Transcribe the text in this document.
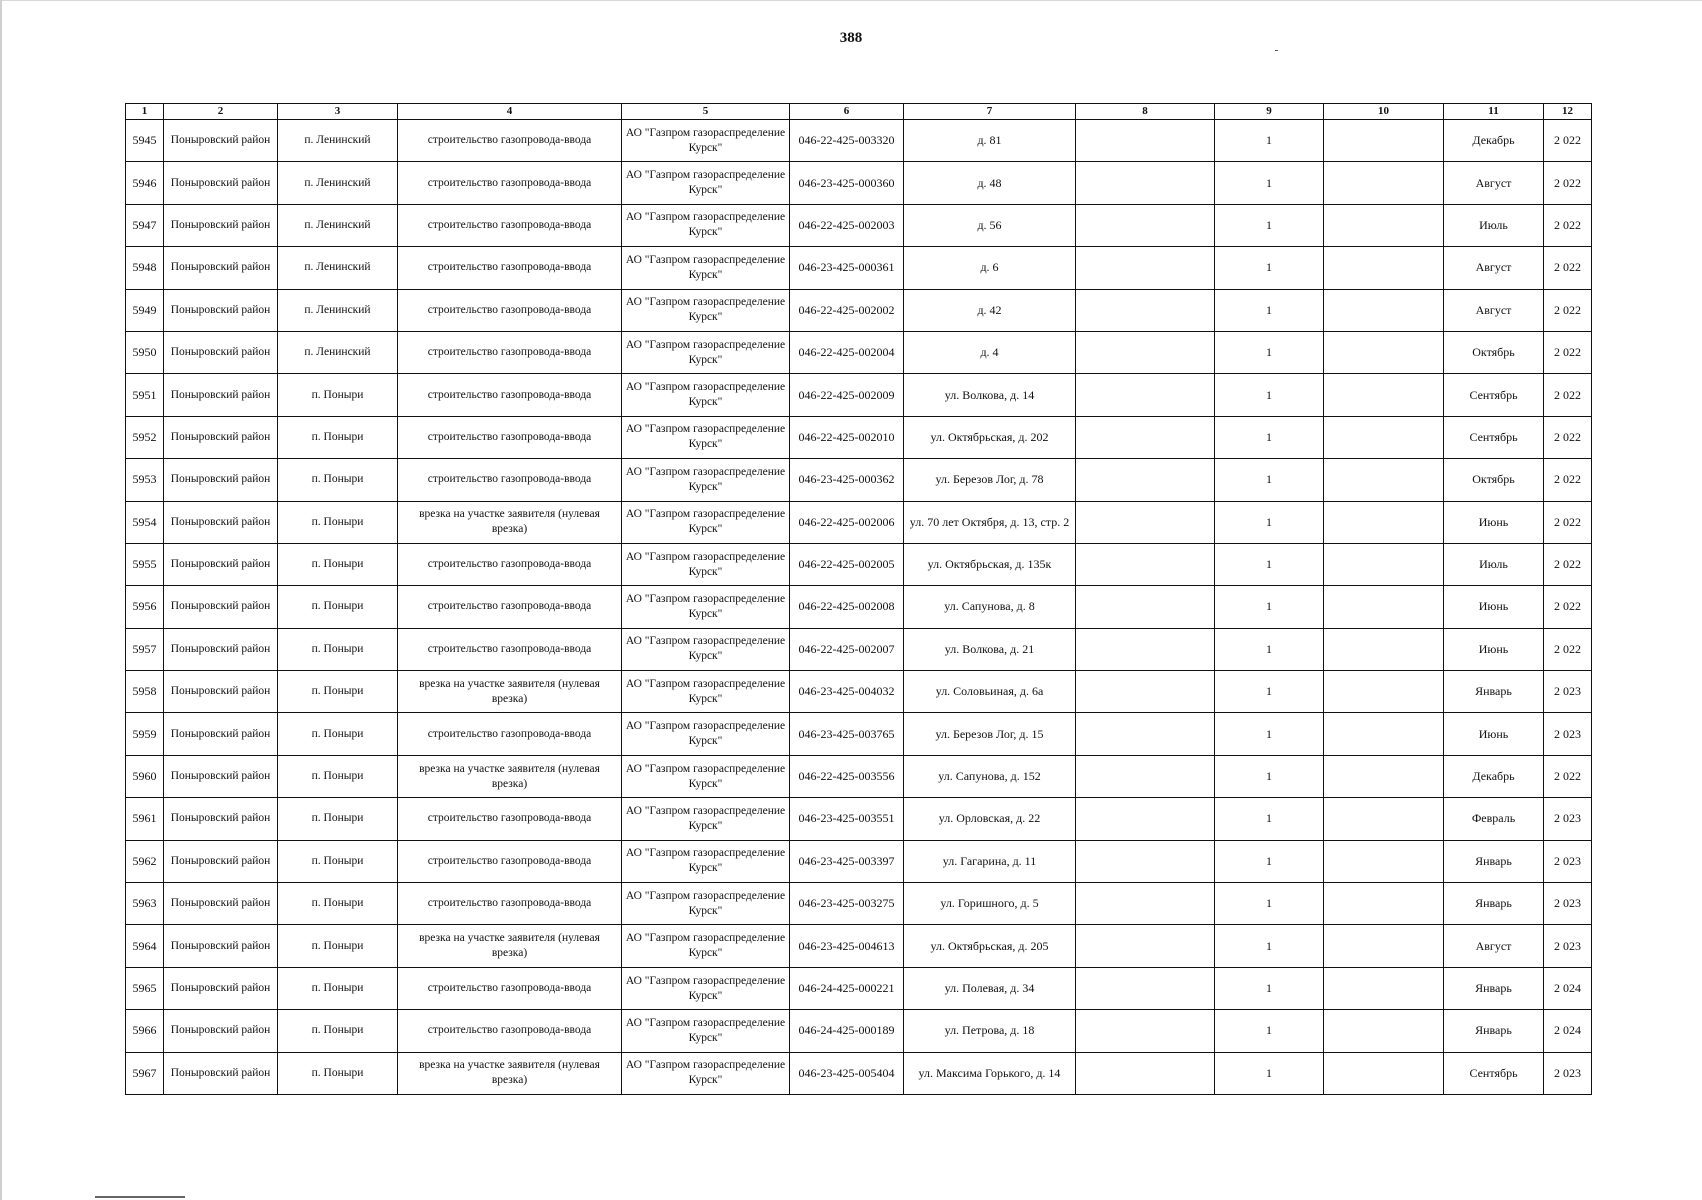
388
1	2	3	4	5	6	7	8	9	10	11	12
5945	Поныровский район	п. Ленинский	строительство газопровода-ввода	АО "Газпром газораспределение Курск"	046-22-425-003320	д. 81		1		Декабрь	2 022
5946	Поныровский район	п. Ленинский	строительство газопровода-ввода	АО "Газпром газораспределение Курск"	046-23-425-000360	д. 48		1		Август	2 022
5947	Поныровский район	п. Ленинский	строительство газопровода-ввода	АО "Газпром газораспределение Курск"	046-22-425-002003	д. 56		1		Июль	2 022
5948	Поныровский район	п. Ленинский	строительство газопровода-ввода	АО "Газпром газораспределение Курск"	046-23-425-000361	д. 6		1		Август	2 022
5949	Поныровский район	п. Ленинский	строительство газопровода-ввода	АО "Газпром газораспределение Курск"	046-22-425-002002	д. 42		1		Август	2 022
5950	Поныровский район	п. Ленинский	строительство газопровода-ввода	АО "Газпром газораспределение Курск"	046-22-425-002004	д. 4		1		Октябрь	2 022
5951	Поныровский район	п. Поныри	строительство газопровода-ввода	АО "Газпром газораспределение Курск"	046-22-425-002009	ул. Волкова, д. 14		1		Сентябрь	2 022
5952	Поныровский район	п. Поныри	строительство газопровода-ввода	АО "Газпром газораспределение Курск"	046-22-425-002010	ул. Октябрьская, д. 202		1		Сентябрь	2 022
5953	Поныровский район	п. Поныри	строительство газопровода-ввода	АО "Газпром газораспределение Курск"	046-23-425-000362	ул. Березов Лог, д. 78		1		Октябрь	2 022
5954	Поныровский район	п. Поныри	врезка на участке заявителя (нулевая врезка)	АО "Газпром газораспределение Курск"	046-22-425-002006	ул. 70 лет Октября, д. 13, стр. 2		1		Июнь	2 022
5955	Поныровский район	п. Поныри	строительство газопровода-ввода	АО "Газпром газораспределение Курск"	046-22-425-002005	ул. Октябрьская, д. 135к		1		Июль	2 022
5956	Поныровский район	п. Поныри	строительство газопровода-ввода	АО "Газпром газораспределение Курск"	046-22-425-002008	ул. Сапунова, д. 8		1		Июнь	2 022
5957	Поныровский район	п. Поныри	строительство газопровода-ввода	АО "Газпром газораспределение Курск"	046-22-425-002007	ул. Волкова, д. 21		1		Июнь	2 022
5958	Поныровский район	п. Поныри	врезка на участке заявителя (нулевая врезка)	АО "Газпром газораспределение Курск"	046-23-425-004032	ул. Соловьиная, д. 6а		1		Январь	2 023
5959	Поныровский район	п. Поныри	строительство газопровода-ввода	АО "Газпром газораспределение Курск"	046-23-425-003765	ул. Березов Лог, д. 15		1		Июнь	2 023
5960	Поныровский район	п. Поныри	врезка на участке заявителя (нулевая врезка)	АО "Газпром газораспределение Курск"	046-22-425-003556	ул. Сапунова, д. 152		1		Декабрь	2 022
5961	Поныровский район	п. Поныри	строительство газопровода-ввода	АО "Газпром газораспределение Курск"	046-23-425-003551	ул. Орловская, д. 22		1		Февраль	2 023
5962	Поныровский район	п. Поныри	строительство газопровода-ввода	АО "Газпром газораспределение Курск"	046-23-425-003397	ул. Гагарина, д. 11		1		Январь	2 023
5963	Поныровский район	п. Поныри	строительство газопровода-ввода	АО "Газпром газораспределение Курск"	046-23-425-003275	ул. Горишного, д. 5		1		Январь	2 023
5964	Поныровский район	п. Поныри	врезка на участке заявителя (нулевая врезка)	АО "Газпром газораспределение Курск"	046-23-425-004613	ул. Октябрьская, д. 205		1		Август	2 023
5965	Поныровский район	п. Поныри	строительство газопровода-ввода	АО "Газпром газораспределение Курск"	046-24-425-000221	ул. Полевая, д. 34		1		Январь	2 024
5966	Поныровский район	п. Поныри	строительство газопровода-ввода	АО "Газпром газораспределение Курск"	046-24-425-000189	ул. Петрова, д. 18		1		Январь	2 024
5967	Поныровский район	п. Поныри	врезка на участке заявителя (нулевая врезка)	АО "Газпром газораспределение Курск"	046-23-425-005404	ул. Максима Горького, д. 14		1		Сентябрь	2 023
